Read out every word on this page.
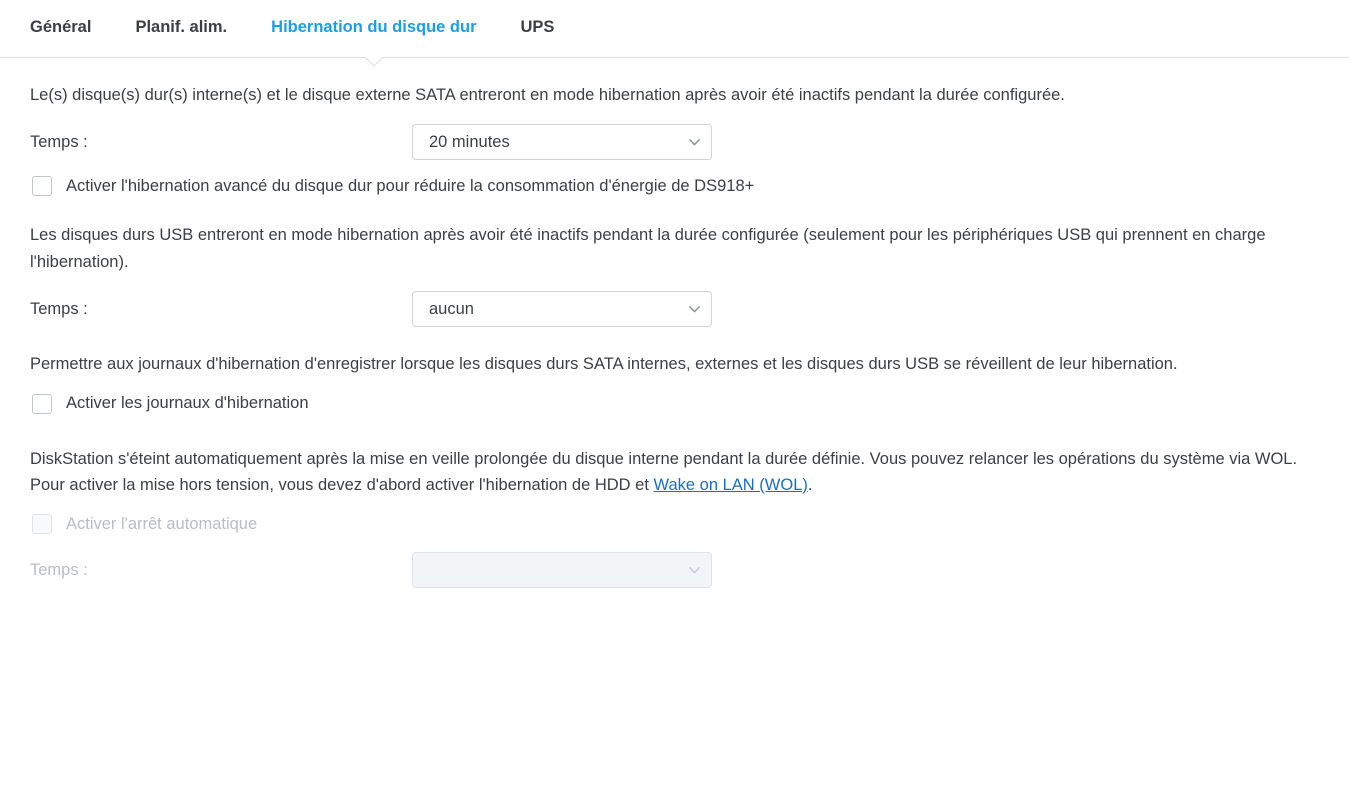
Général	Planif. alim.	Hibernation du disque dur	UPS

Le(s) disque(s) dur(s) interne(s) et le disque externe SATA entreront en mode hibernation après avoir été inactifs pendant la durée configurée.

Temps :	20 minutes
Activer l'hibernation avancé du disque dur pour réduire la consommation d'énergie de DS918+

Les disques durs USB entreront en mode hibernation après avoir été inactifs pendant la durée configurée (seulement pour les périphériques USB qui prennent en charge l'hibernation).

Temps :	aucun

Permettre aux journaux d'hibernation d'enregistrer lorsque les disques durs SATA internes, externes et les disques durs USB se réveillent de leur hibernation.

Activer les journaux d'hibernation

DiskStation s'éteint automatiquement après la mise en veille prolongée du disque interne pendant la durée définie. Vous pouvez relancer les opérations du système via WOL. Pour activer la mise hors tension, vous devez d'abord activer l'hibernation de HDD et Wake on LAN (WOL).

Activer l'arrêt automatique
Temps :
